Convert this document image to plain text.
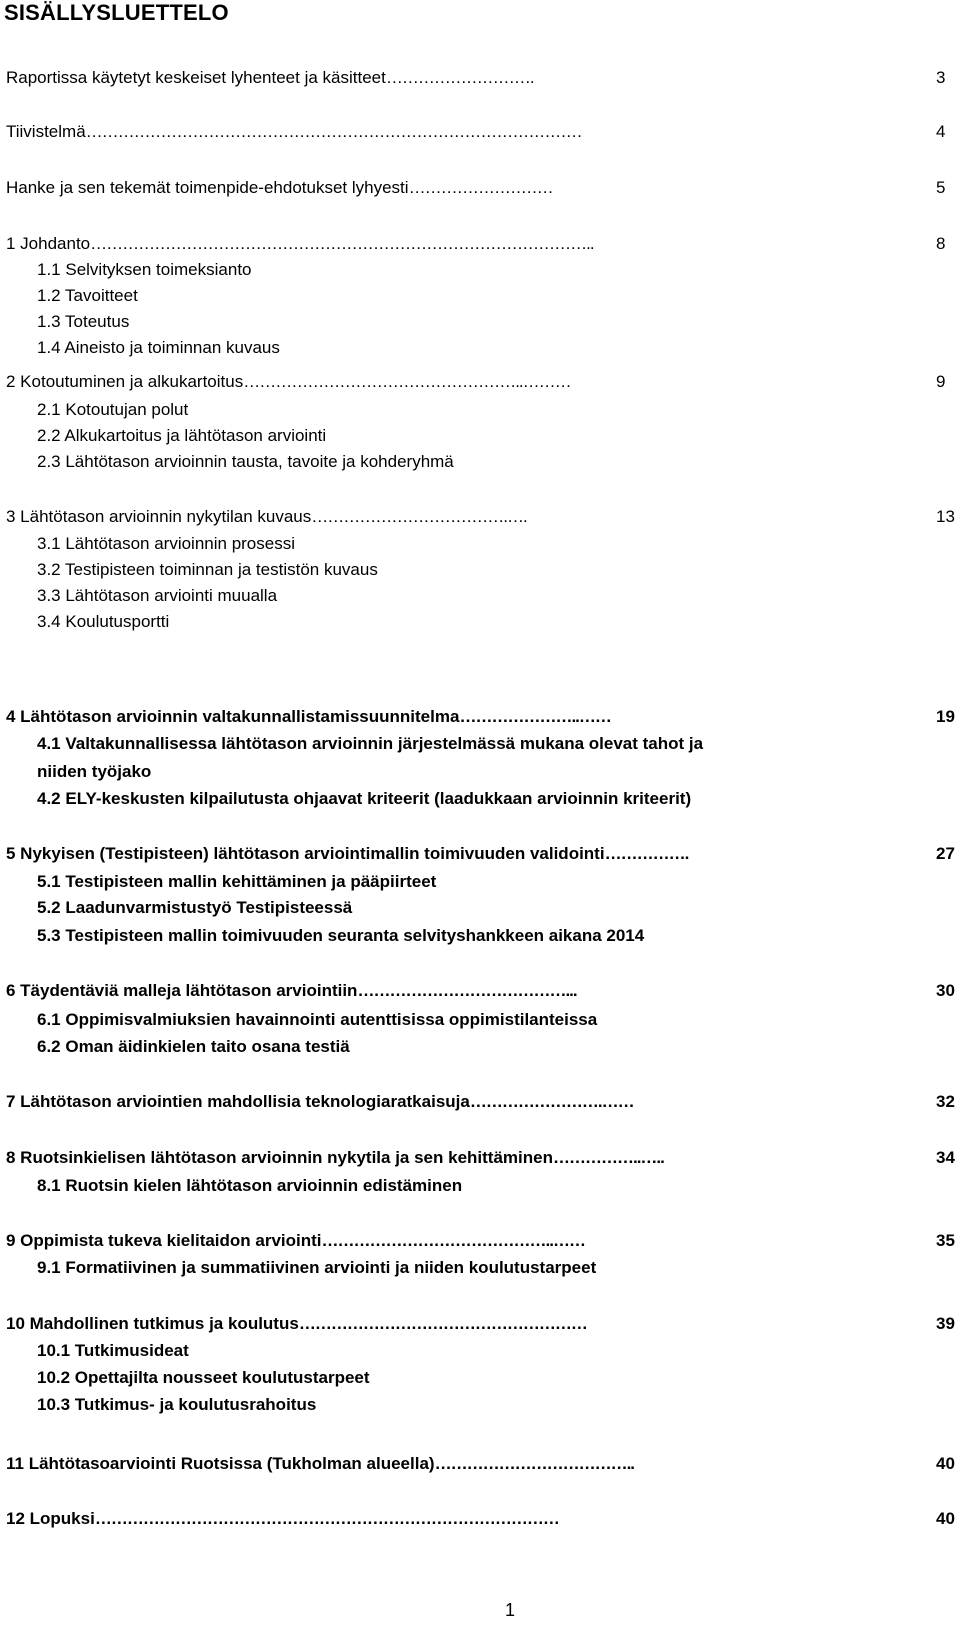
SISÄLLYSLUETTELO
Raportissa käytetyt keskeiset lyhenteet ja käsitteet……………………….	3
Tiivistelmä…………………………………………………………………………………	4
Hanke ja sen tekemät toimenpide-ehdotukset lyhyesti………………………	5
1 Johdanto…………………………………………………………………………………..	8
1.1 Selvityksen toimeksianto
1.2 Tavoitteet
1.3 Toteutus
1.4 Aineisto ja toiminnan kuvaus
2 Kotoutuminen ja alkukartoitus……………………………………………..………	9
2.1 Kotoutujan polut
2.2 Alkukartoitus ja lähtötason arviointi
2.3 Lähtötason arvioinnin tausta, tavoite ja kohderyhmä
3 Lähtötason arvioinnin nykytilan kuvaus……………………………….….	13
3.1 Lähtötason arvioinnin prosessi
3.2 Testipisteen toiminnan ja testistön kuvaus
3.3 Lähtötason arviointi muualla
3.4 Koulutusportti
4 Lähtötason arvioinnin valtakunnallistamissuunnitelma…………………..……	19
4.1 Valtakunnallisessa lähtötason arvioinnin järjestelmässä mukana olevat tahot ja niiden työjako
4.2 ELY-keskusten kilpailutusta ohjaavat kriteerit (laadukkaan arvioinnin kriteerit)
5 Nykyisen (Testipisteen) lähtötason arviointimallin toimivuuden validointi…………….	27
5.1 Testipisteen mallin kehittäminen ja pääpiirteet
5.2 Laadunvarmistustyö Testipisteessä
5.3 Testipisteen mallin toimivuuden seuranta selvityshankkeen aikana 2014
6 Täydentäviä malleja lähtötason arviointiin…………………………………...	30
6.1 Oppimisvalmiuksien havainnointi autenttisissa oppimistilanteissa
6.2 Oman äidinkielen taito osana testiä
7 Lähtötason arviointien mahdollisia teknologiaratkaisuja…………………….……	32
8 Ruotsinkielisen lähtötason arvioinnin nykytila ja sen kehittäminen……………..…..	34
8.1 Ruotsin kielen lähtötason arvioinnin edistäminen
9 Oppimista tukeva kielitaidon arviointi……………………………………..……	35
9.1 Formatiivinen ja summatiivinen arviointi ja niiden koulutustarpeet
10 Mahdollinen tutkimus ja koulutus………………………………………………	39
10.1 Tutkimusideat
10.2 Opettajilta nousseet koulutustarpeet
10.3 Tutkimus- ja koulutusrahoitus
11 Lähtötasoarviointi Ruotsissa (Tukholman alueella)………………………………..	40
12 Lopuksi……………………………………………………………………………	40
1
